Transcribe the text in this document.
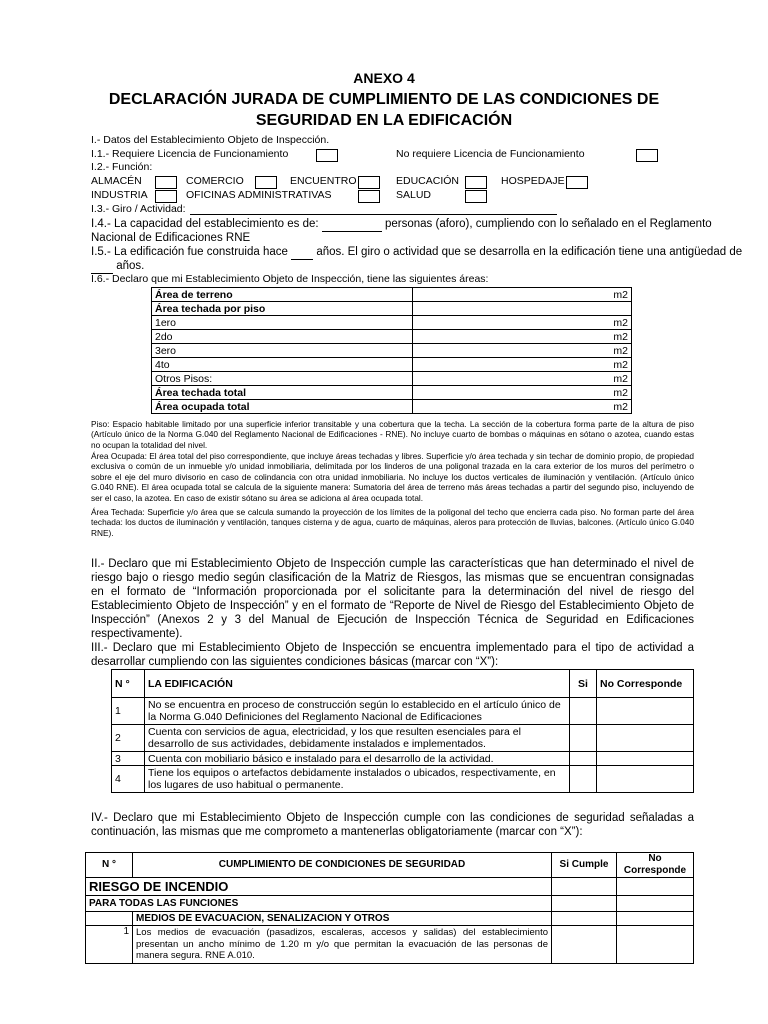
ANEXO 4
DECLARACIÓN JURADA DE CUMPLIMIENTO DE LAS CONDICIONES DE
SEGURIDAD EN LA EDIFICACIÓN
I.- Datos del Establecimiento Objeto de Inspección.
I.1.- Requiere Licencia de Funcionamiento	No requiere Licencia de Funcionamiento
I.2.- Función:
ALMACÉN	COMERCIO	ENCUENTRO	EDUCACIÓN	HOSPEDAJE
INDUSTRIA	OFICINAS ADMINISTRATIVAS	SALUD
I.3.- Giro / Actividad:
I.4.- La capacidad del establecimiento es de:	personas (aforo), cumpliendo con lo señalado en el Reglamento
Nacional de Edificaciones RNE
I.5.- La edificación fue construida hace años. El giro o actividad que se desarrolla en la edificación tiene una antigüedad de
años.
I.6.- Declaro que mi Establecimiento Objeto de Inspección, tiene las siguientes áreas:
Área de terreno	m2
Área techada por piso	
1ero	m2
2do	m2
3ero	m2
4to	m2
Otros Pisos:	m2
Área techada total	m2
Área ocupada total	m2
Piso: Espacio habitable limitado por una superficie inferior transitable y una cobertura que la techa. La sección de la cobertura forma parte de la altura de piso (Artículo único de la Norma G.040 del Reglamento Nacional de Edificaciones - RNE). No incluye cuarto de bombas o máquinas en sótano o azotea, cuando estas no ocupan la totalidad del nivel.
Área Ocupada: El área total del piso correspondiente, que incluye áreas techadas y libres. Superficie y/o área techada y sin techar de dominio propio, de propiedad exclusiva o común de un inmueble y/o unidad inmobiliaria, delimitada por los linderos de una poligonal trazada en la cara exterior de los muros del perímetro o sobre el eje del muro divisorio en caso de colindancia con otra unidad inmobiliaria. No incluye los ductos verticales de iluminación y ventilación. (Artículo único G.040 RNE). El área ocupada total se calcula de la siguiente manera: Sumatoria del área de terreno más áreas techadas a partir del segundo piso, incluyendo de ser el caso, la azotea. En caso de existir sótano su área se adiciona al área ocupada total.
Área Techada: Superficie y/o área que se calcula sumando la proyección de los límites de la poligonal del techo que encierra cada piso. No forman parte del área techada: los ductos de iluminación y ventilación, tanques cisterna y de agua, cuarto de máquinas, aleros para protección de lluvias, balcones. (Artículo único G.040 RNE).
II.- Declaro que mi Establecimiento Objeto de Inspección cumple las características que han determinado el nivel de riesgo bajo o riesgo medio según clasificación de la Matriz de Riesgos, las mismas que se encuentran consignadas en el formato de “Información proporcionada por el solicitante para la determinación del nivel de riesgo del Establecimiento Objeto de Inspección” y en el formato de “Reporte de Nivel de Riesgo del Establecimiento Objeto de Inspección” (Anexos 2 y 3 del Manual de Ejecución de Inspección Técnica de Seguridad en Edificaciones respectivamente).
III.- Declaro que mi Establecimiento Objeto de Inspección se encuentra implementado para el tipo de actividad a desarrollar cumpliendo con las siguientes condiciones básicas (marcar con “X”):
N °	LA EDIFICACIÓN	Si	No Corresponde
1	No se encuentra en proceso de construcción según lo establecido en el artículo único de la Norma G.040 Definiciones del Reglamento Nacional de Edificaciones		
2	Cuenta con servicios de agua, electricidad, y los que resulten esenciales para el desarrollo de sus actividades, debidamente instalados e implementados.		
3	Cuenta con mobiliario básico e instalado para el desarrollo de la actividad.		
4	Tiene los equipos o artefactos debidamente instalados o ubicados, respectivamente, en los lugares de uso habitual o permanente.		
IV.- Declaro que mi Establecimiento Objeto de Inspección cumple con las condiciones de seguridad señaladas a continuación, las mismas que me comprometo a mantenerlas obligatoriamente (marcar con “X”):
N °	CUMPLIMIENTO DE CONDICIONES DE SEGURIDAD	Si Cumple	No Corresponde
RIESGO DE INCENDIO			
PARA TODAS LAS FUNCIONES			
	MEDIOS DE EVACUACION, SENALIZACION Y OTROS		
1	Los medios de evacuación (pasadizos, escaleras, accesos y salidas) del establecimiento presentan un ancho mínimo de 1.20 m y/o que permitan la evacuación de las personas de manera segura. RNE A.010.		
